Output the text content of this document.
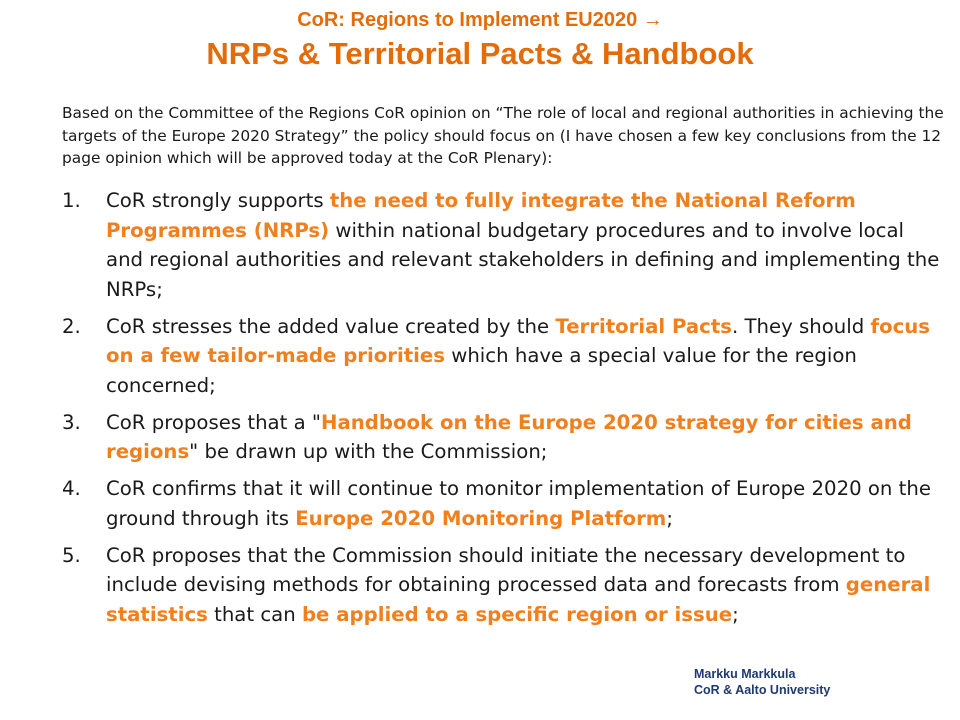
CoR: Regions to Implement EU2020 →
NRPs & Territorial Pacts & Handbook
Based on the Committee of the Regions CoR opinion on “The role of local and regional authorities in achieving the targets of the Europe 2020 Strategy” the policy should focus on (I have chosen a few key conclusions from the 12 page opinion which will be approved today at the CoR Plenary):
1. CoR strongly supports the need to fully integrate the National Reform Programmes (NRPs) within national budgetary procedures and to involve local and regional authorities and relevant stakeholders in defining and implementing the NRPs;
2. CoR stresses the added value created by the Territorial Pacts. They should focus on a few tailor-made priorities which have a special value for the region concerned;
3. CoR proposes that a "Handbook on the Europe 2020 strategy for cities and regions" be drawn up with the Commission;
4. CoR confirms that it will continue to monitor implementation of Europe 2020 on the ground through its Europe 2020 Monitoring Platform;
5. CoR proposes that the Commission should initiate the necessary development to include devising methods for obtaining processed data and forecasts from general statistics that can be applied to a specific region or issue;
Markku Markkula
CoR & Aalto University
